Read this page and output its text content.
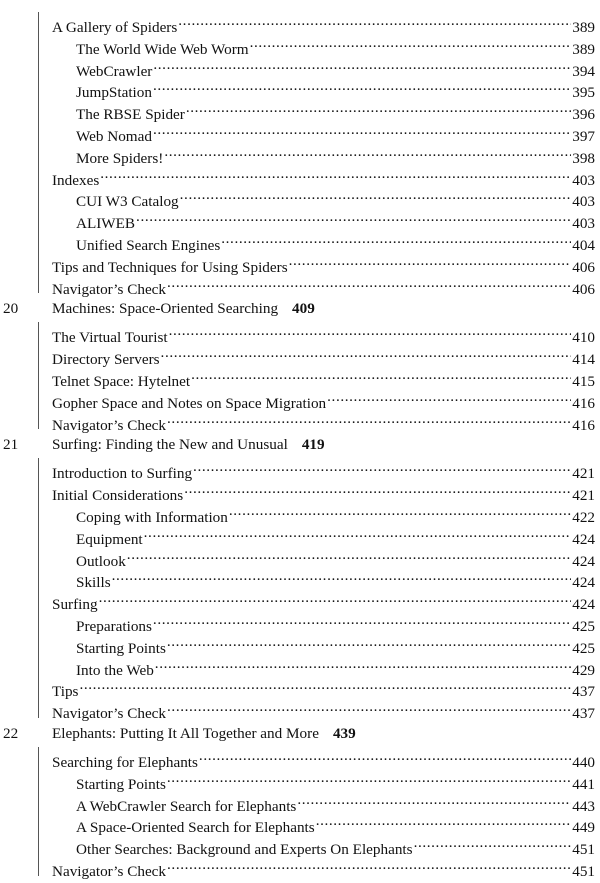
A Gallery of Spiders .....	389
The World Wide Web Worm .....	389
WebCrawler .....	394
JumpStation .....	395
The RBSE Spider .....	396
Web Nomad .....	397
More Spiders! .....	398
Indexes .....	403
CUI W3 Catalog .....	403
ALIWEB .....	403
Unified Search Engines .....	404
Tips and Techniques for Using Spiders .....	406
Navigator’s Check .....	406
20 Machines: Space-Oriented Searching 409
The Virtual Tourist .....	410
Directory Servers .....	414
Telnet Space: Hytelnet .....	415
Gopher Space and Notes on Space Migration .....	416
Navigator’s Check .....	416
21 Surfing: Finding the New and Unusual 419
Introduction to Surfing .....	421
Initial Considerations .....	421
Coping with Information .....	422
Equipment .....	424
Outlook .....	424
Skills .....	424
Surfing .....	424
Preparations .....	425
Starting Points .....	425
Into the Web .....	429
Tips .....	437
Navigator’s Check .....	437
22 Elephants: Putting It All Together and More 439
Searching for Elephants .....	440
Starting Points .....	441
A WebCrawler Search for Elephants .....	443
A Space-Oriented Search for Elephants .....	449
Other Searches: Background and Experts On Elephants .....	451
Navigator’s Check .....	451
